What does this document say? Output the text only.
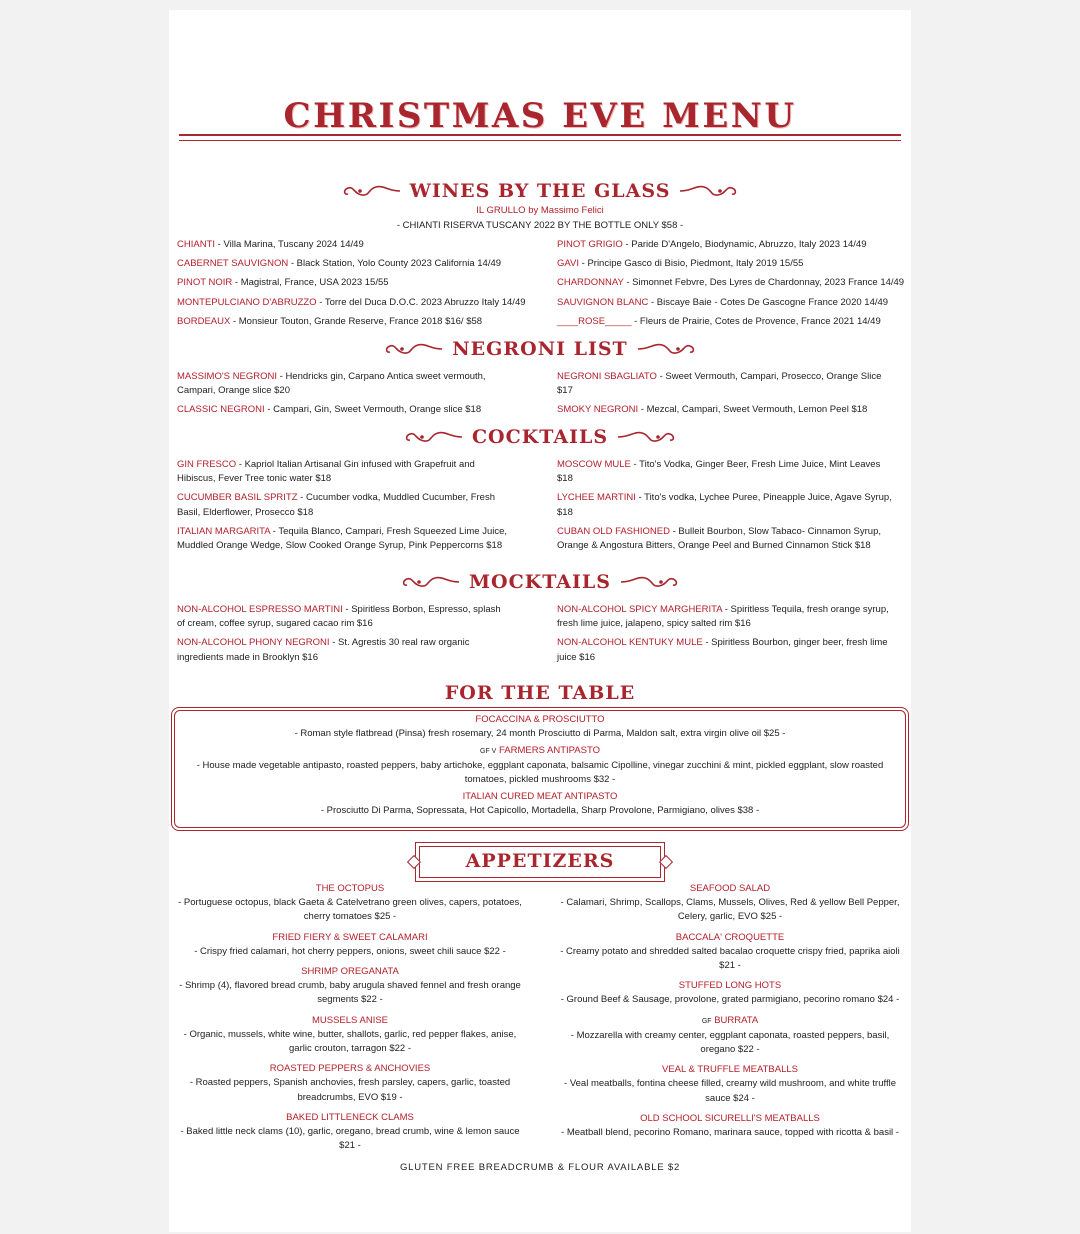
CHRISTMAS EVE MENU
WINES BY THE GLASS
IL GRULLO by Massimo Felici
- CHIANTI RISERVA TUSCANY 2022 BY THE BOTTLE ONLY $58 -
CHIANTI - Villa Marina, Tuscany 2024 14/49
CABERNET SAUVIGNON - Black Station, Yolo County 2023 California 14/49
PINOT NOIR - Magistral, France, USA 2023 15/55
MONTEPULCIANO D'ABRUZZO - Torre del Duca D.O.C. 2023 Abruzzo Italy 14/49
BORDEAUX - Monsieur Touton, Grande Reserve, France 2018 $16/ $58
PINOT GRIGIO - Paride D'Angelo, Biodynamic, Abruzzo, Italy 2023 14/49
GAVI - Principe Gasco di Bisio, Piedmont, Italy 2019 15/55
CHARDONNAY - Simonnet Febvre, Des Lyres de Chardonnay, 2023 France 14/49
SAUVIGNON BLANC - Biscaye Baie - Cotes De Gascogne France 2020 14/49
____ROSE_____ - Fleurs de Prairie, Cotes de Provence, France 2021 14/49
NEGRONI LIST
MASSIMO'S NEGRONI - Hendricks gin, Carpano Antica sweet vermouth, Campari, Orange slice $20
CLASSIC NEGRONI - Campari, Gin, Sweet Vermouth, Orange slice $18
NEGRONI SBAGLIATO - Sweet Vermouth, Campari, Prosecco, Orange Slice $17
SMOKY NEGRONI - Mezcal, Campari, Sweet Vermouth, Lemon Peel $18
COCKTAILS
GIN FRESCO - Kapriol Italian Artisanal Gin infused with Grapefruit and Hibiscus, Fever Tree tonic water $18
CUCUMBER BASIL SPRITZ - Cucumber vodka, Muddled Cucumber, Fresh Basil, Elderflower, Prosecco $18
ITALIAN MARGARITA - Tequila Blanco, Campari, Fresh Squeezed Lime Juice, Muddled Orange Wedge, Slow Cooked Orange Syrup, Pink Peppercorns $18
MOSCOW MULE - Tito's Vodka, Ginger Beer, Fresh Lime Juice, Mint Leaves $18
LYCHEE MARTINI - Tito's vodka, Lychee Puree, Pineapple Juice, Agave Syrup, $18
CUBAN OLD FASHIONED - Bulleit Bourbon, Slow Tabaco- Cinnamon Syrup, Orange & Angostura Bitters, Orange Peel and Burned Cinnamon Stick $18
MOCKTAILS
NON-ALCOHOL ESPRESSO MARTINI - Spiritless Borbon, Espresso, splash of cream, coffee syrup, sugared cacao rim $16
NON-ALCOHOL PHONY NEGRONI - St. Agrestis 30 real raw organic ingredients made in Brooklyn $16
NON-ALCOHOL SPICY MARGHERITA - Spiritless Tequila, fresh orange syrup, fresh lime juice, jalapeno, spicy salted rim $16
NON-ALCOHOL KENTUKY MULE - Spiritless Bourbon, ginger beer, fresh lime juice $16
FOR THE TABLE
FOCACCINA & PROSCIUTTO
- Roman style flatbread (Pinsa) fresh rosemary, 24 month Prosciutto di Parma, Maldon salt, extra virgin olive oil $25 -
GF V FARMERS ANTIPASTO
- House made vegetable antipasto, roasted peppers, baby artichoke, eggplant caponata, balsamic Cipolline, vinegar zucchini & mint, pickled eggplant, slow roasted tomatoes, pickled mushrooms $32 -
ITALIAN CURED MEAT ANTIPASTO
- Prosciutto Di Parma, Sopressata, Hot Capicollo, Mortadella, Sharp Provolone, Parmigiano, olives $38 -
APPETIZERS
THE OCTOPUS
- Portuguese octopus, black Gaeta & Catelvetrano green olives, capers, potatoes, cherry tomatoes $25 -
FRIED FIERY & SWEET CALAMARI
- Crispy fried calamari, hot cherry peppers, onions, sweet chili sauce $22 -
SHRIMP OREGANATA
- Shrimp (4), flavored bread crumb, baby arugula shaved fennel and fresh orange segments $22 -
MUSSELS ANISE
- Organic, mussels, white wine, butter, shallots, garlic, red pepper flakes, anise, garlic crouton, tarragon $22 -
ROASTED PEPPERS & ANCHOVIES
- Roasted peppers, Spanish anchovies, fresh parsley, capers, garlic, toasted breadcrumbs, EVO $19 -
BAKED LITTLENECK CLAMS
- Baked little neck clams (10), garlic, oregano, bread crumb, wine & lemon sauce $21 -
SEAFOOD SALAD
- Calamari, Shrimp, Scallops, Clams, Mussels, Olives, Red & yellow Bell Pepper, Celery, garlic, EVO $25 -
BACCALA' CROQUETTE
- Creamy potato and shredded salted bacalao croquette crispy fried, paprika aioli $21 -
STUFFED LONG HOTS
- Ground Beef & Sausage, provolone, grated parmigiano, pecorino romano $24 -
GF BURRATA
- Mozzarella with creamy center, eggplant caponata, roasted peppers, basil, oregano $22 -
VEAL & TRUFFLE MEATBALLS
- Veal meatballs, fontina cheese filled, creamy wild mushroom, and white truffle sauce $24 -
OLD SCHOOL SICURELLI'S MEATBALLS
- Meatball blend, pecorino Romano, marinara sauce, topped with ricotta & basil -
GLUTEN FREE BREADCRUMB & FLOUR AVAILABLE $2
